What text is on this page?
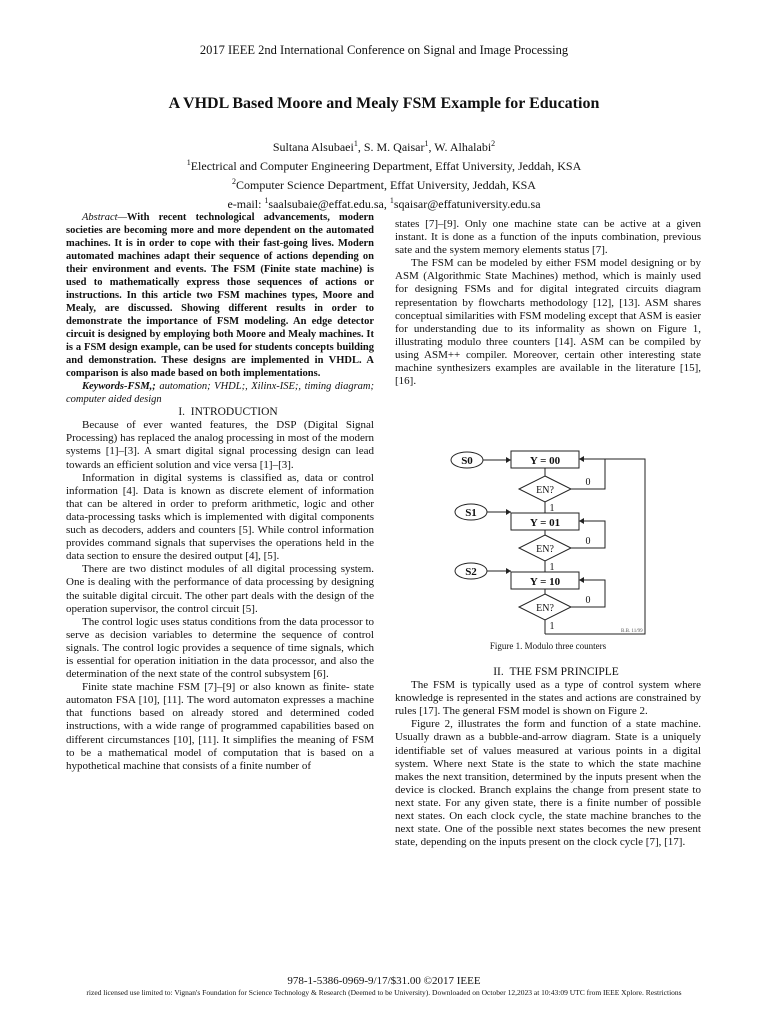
2017 IEEE 2nd International Conference on Signal and Image Processing
A VHDL Based Moore and Mealy FSM Example for Education
Sultana Alsubaei$^1$, S. M. Qaisar$^1$, W. Alhalabi$^2$
$^1$Electrical and Computer Engineering Department, Effat University, Jeddah, KSA
$^2$Computer Science Department, Effat University, Jeddah, KSA
e-mail: $^1$saalsubaie@effat.edu.sa, $^1$sqaisar@effatuniversity.edu.sa

Abstract—With recent technological advancements, modern societies are becoming more and more dependent on the automated machines. It is in order to cope with their fast-going lives. Modern automated machines adapt their sequence of actions depending on their environment and events. The FSM (Finite state machine) is used to mathematically express those sequences of actions or instructions. In this article two FSM machines types, Moore and Mealy, are discussed. Showing different results in order to demonstrate the importance of FSM modeling. An edge detector circuit is designed by employing both Moore and Mealy machines. It is a FSM design example, can be used for students concepts building and demonstration. These designs are implemented in VHDL. A comparison is also made based on both implementations.

Keywords-FSM,; automation; VHDL;, Xilinx-ISE;, timing diagram; computer aided design

I. INTRODUCTION

Because of ever wanted features, the DSP (Digital Signal Processing) has replaced the analog processing in most of the modern systems [1]–[3]. A smart digital signal processing design can lead towards an efficient solution and vice versa [1]–[3].

Information in digital systems is classified as, data or control information [4]. Data is known as discrete element of information that can be altered in order to preform arithmetic, logic and other data-processing tasks which is implemented with digital components such as decoders, adders and counters [5]. While control information provides command signals that supervises the operations held in the data section to ensure the desired output [4], [5].

There are two distinct modules of all digital processing system. One is dealing with the performance of data processing by designing the suitable digital circuit. The other part deals with the design of the operation supervisor, the control circuit [5].

The control logic uses status conditions from the data processor to serve as decision variables to determine the sequence of control signals. The control logic provides a sequence of time signals, which is essential for operation initiation in the data processor, and also the determination of the next state of the control subsystem [6].

Finite state machine FSM [7]–[9] or also known as finite- state automaton FSA [10], [11]. The word automaton expresses a machine that functions based on already stored and determined coded instructions, with a wide range of programmed capabilities based on different circumstances [10], [11]. It simplifies the meaning of FSM to be a mathematical model of computation that is based on a hypothetical machine that consists of a finite number of

states [7]–[9]. Only one machine state can be active at a given instant. It is done as a function of the inputs combination, previous sate and the system memory elements status [7].

The FSM can be modeled by either FSM model designing or by ASM (Algorithmic State Machines) method, which is mainly used for designing FSMs and for digital integrated circuits diagram representation by flowcharts methodology [12], [13]. ASM shares conceptual similarities with FSM modeling except that ASM is easier for understanding due to its informality as shown on Figure 1, illustrating modulo three counters [14]. ASM can be compiled by using ASM++ compiler. Moreover, certain other interesting state machine synthesizers examples are available in the literature [15], [16].

S0
S1
S2
Y = 00
Y = 01
Y = 10
EN?
EN?
EN?
0
0
0
1
1
1	B.B. 11/99
Figure 1. Modulo three counters

II. THE FSM PRINCIPLE

The FSM is typically used as a type of control system where knowledge is represented in the states and actions are constrained by rules [17]. The general FSM model is shown on Figure 2.

Figure 2, illustrates the form and function of a state machine. Usually drawn as a bubble-and-arrow diagram. State is a uniquely identifiable set of values measured at various points in a digital system. Where next State is the state to which the state machine makes the next transition, determined by the inputs present when the device is clocked. Branch explains the change from present state to next state. For any given state, there is a finite number of possible next states. On each clock cycle, the state machine branches to the next state. One of the possible next states becomes the new present state, depending on the inputs present on the clock cycle [7], [17].

978-1-5386-0969-9/17/$31.00 ©2017 IEEE
rized licensed use limited to: Vignan's Foundation for Science Technology & Research (Deemed to be University). Downloaded on October 12,2023 at 10:43:09 UTC from IEEE Xplore. Restrictions
